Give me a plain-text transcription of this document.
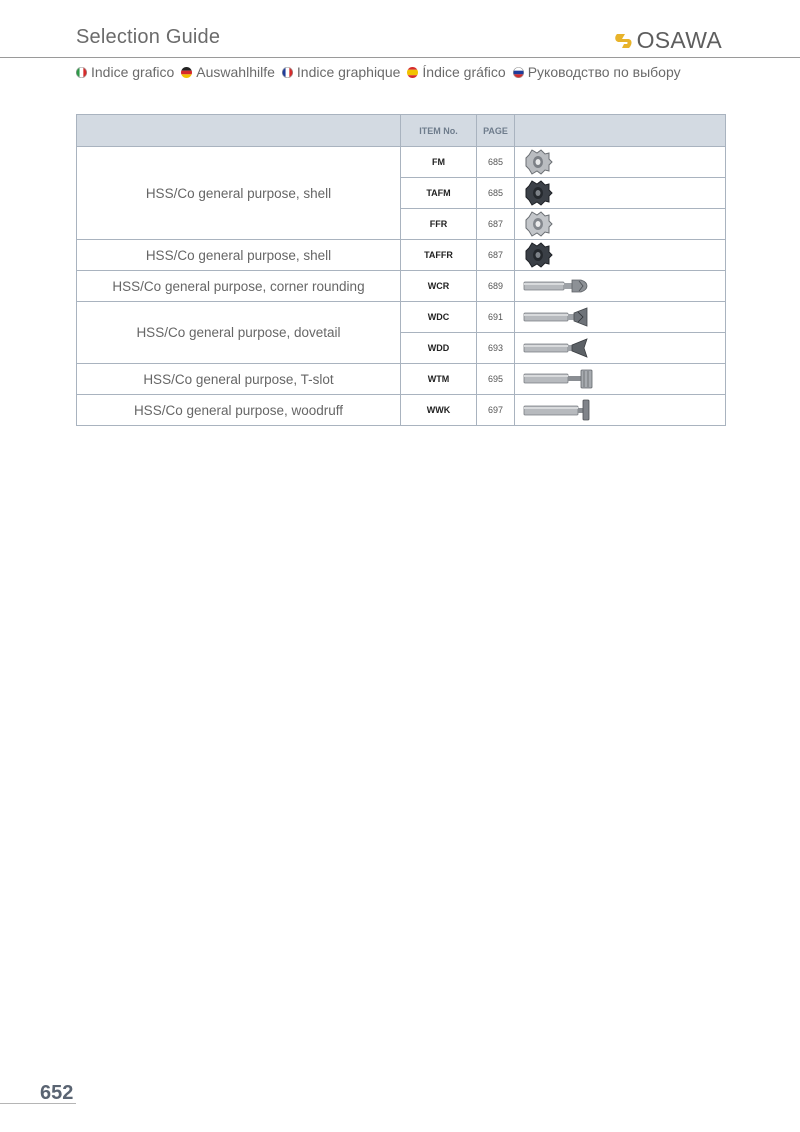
Selection Guide	OSAWA
Indice grafico Auswahlhilfe Indice graphique Índice gráfico Руководство по выбору
	ITEM No.	PAGE	
HSS/Co general purpose, shell	FM	685	

	TAFM	685	

	FFR	687	

HSS/Co general purpose, shell	TAFFR	687	

HSS/Co general purpose, corner rounding	WCR	689	

HSS/Co general purpose, dovetail	WDC	691	

	WDD	693	

HSS/Co general purpose, T-slot	WTM	695	

HSS/Co general purpose, woodruff	WWK	697	
652
